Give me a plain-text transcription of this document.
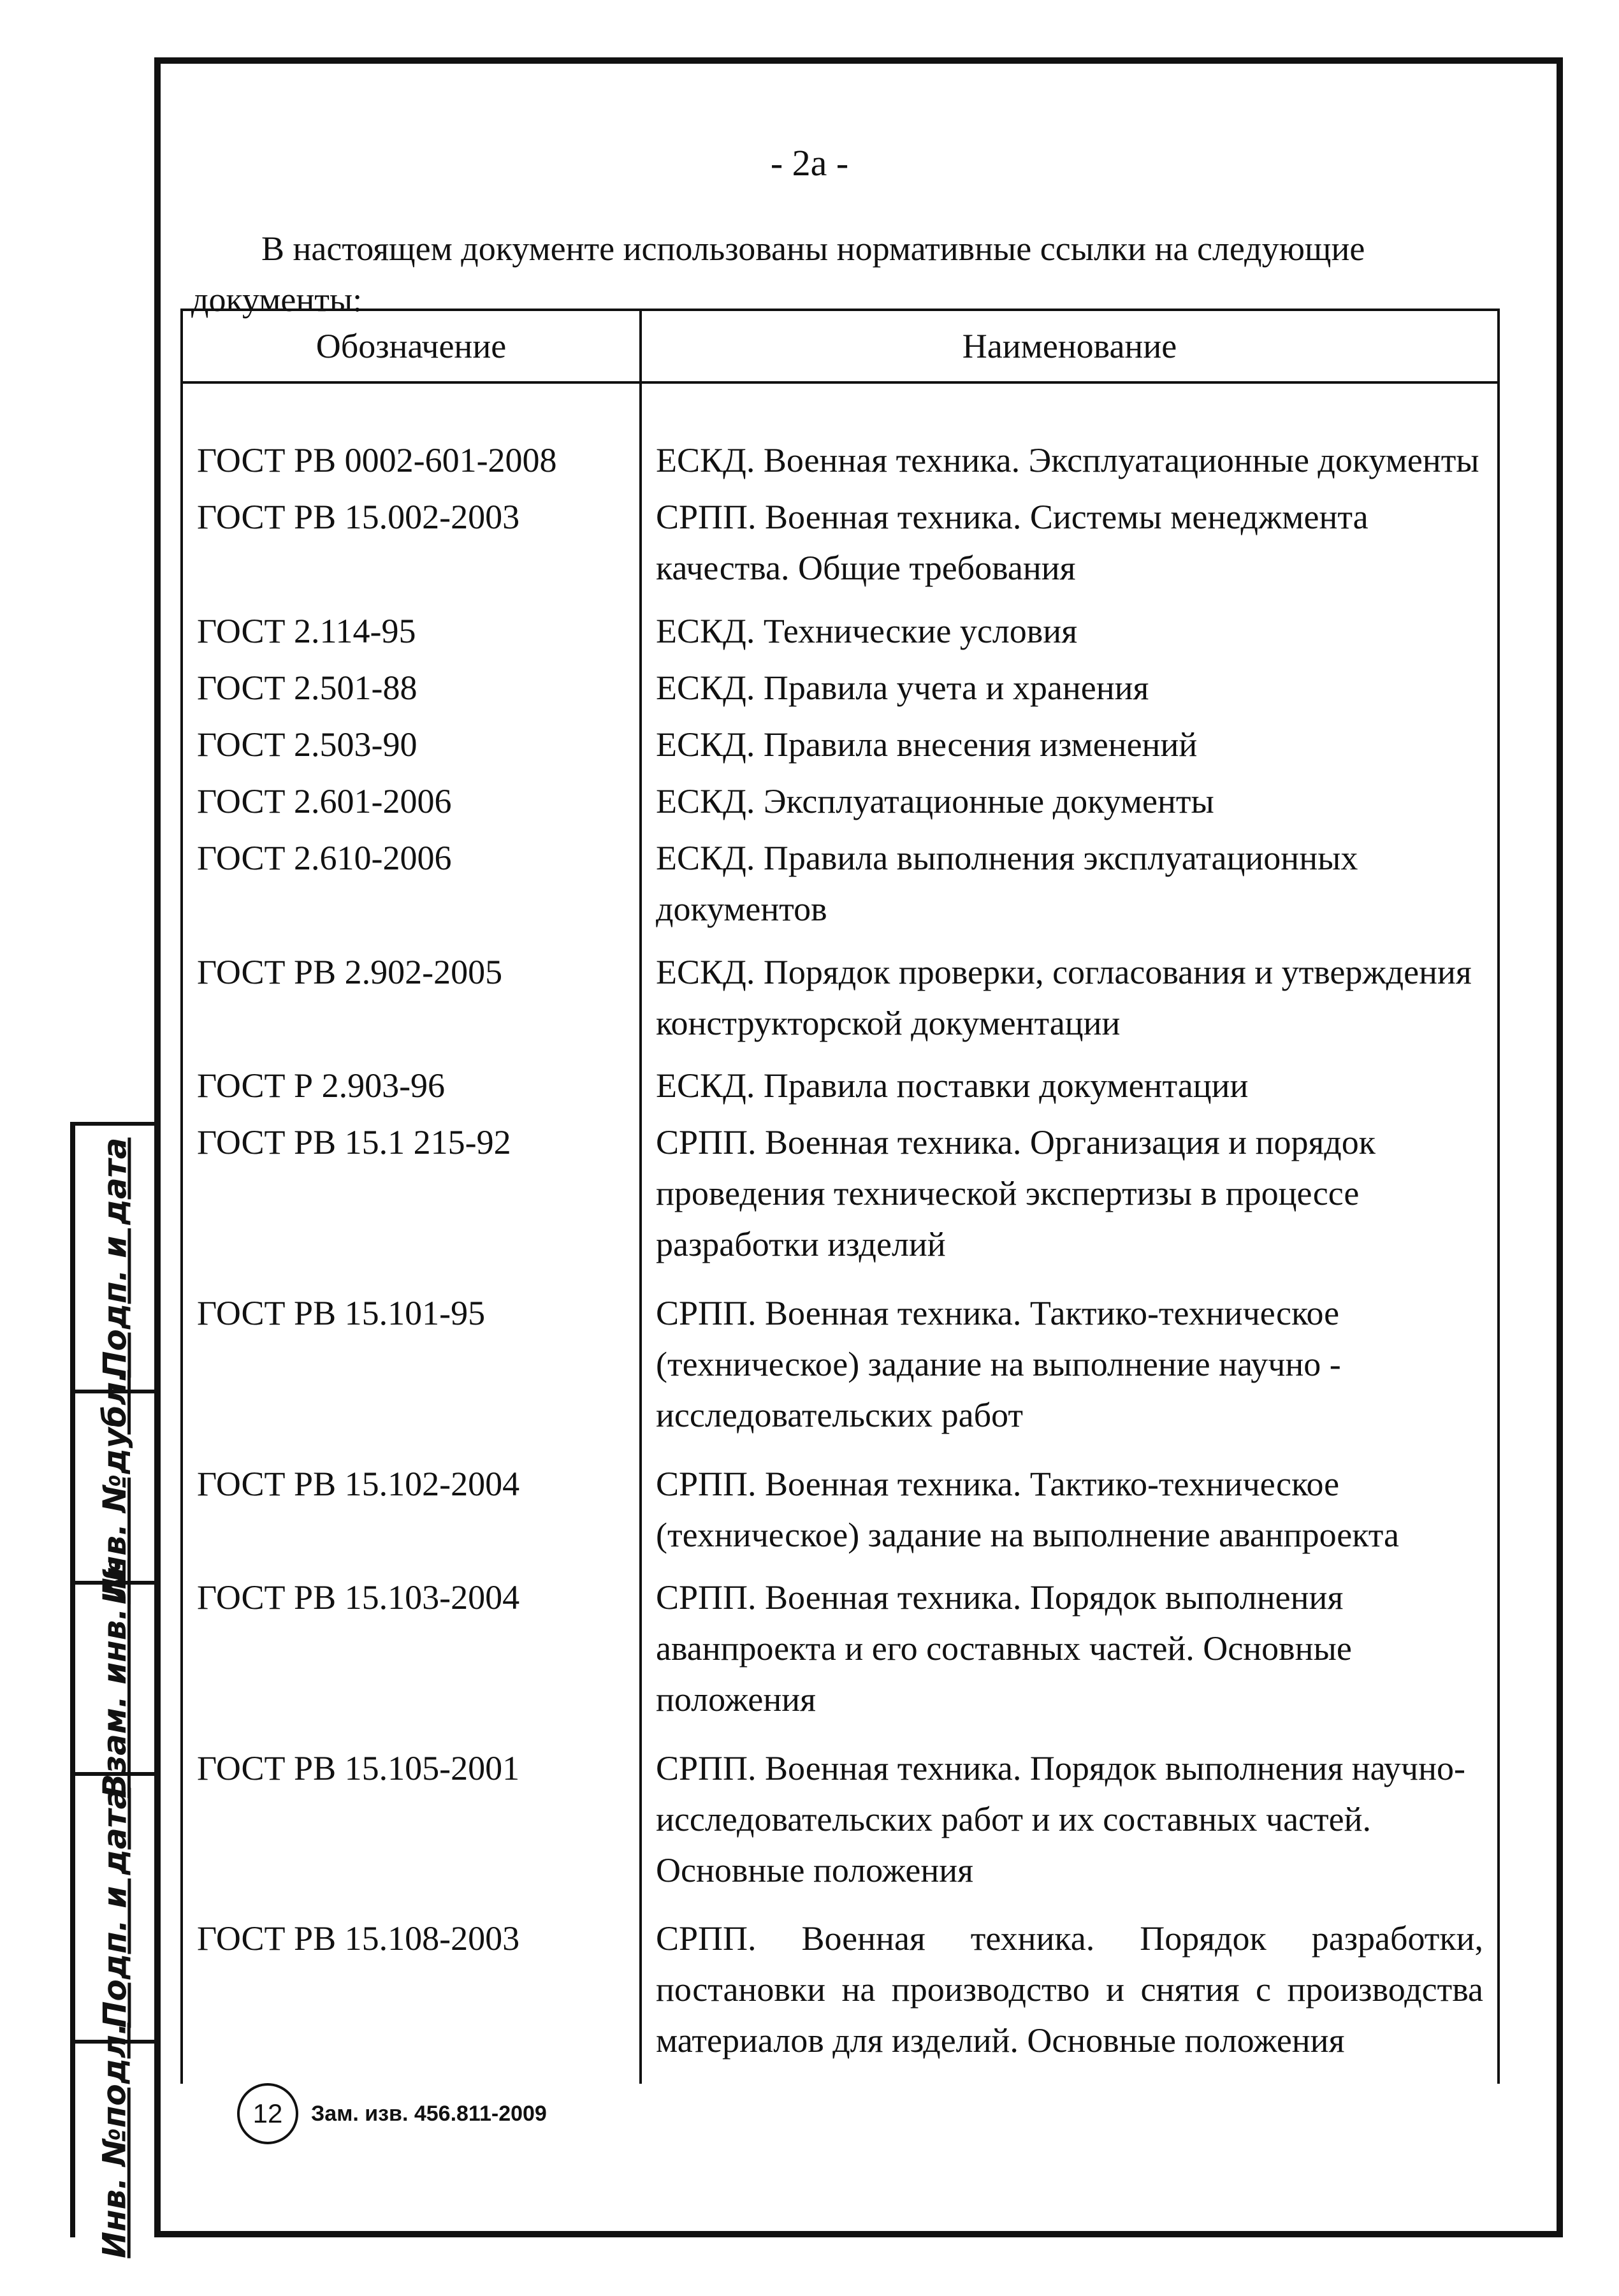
Подп. и дата
Инв. №дубл.
Взам. инв. №
Подп. и дата
Инв. №подл.
- 2а -
В настоящем документе использованы нормативные ссылки на следующие документы:
Обозначение	Наименование

ГОСТ РВ 0002-601-2008	ЕСКД. Военная техника. Эксплуатационные документы
ГОСТ РВ 15.002-2003	СРПП. Военная техника. Системы менеджмента качества. Общие требования
ГОСТ 2.114-95	ЕСКД. Технические условия
ГОСТ 2.501-88	ЕСКД. Правила учета и хранения
ГОСТ 2.503-90	ЕСКД. Правила внесения изменений
ГОСТ 2.601-2006	ЕСКД. Эксплуатационные документы
ГОСТ 2.610-2006	ЕСКД. Правила выполнения эксплуатационных документов
ГОСТ РВ 2.902-2005	ЕСКД. Порядок проверки, согласования и утверждения конструкторской документации
ГОСТ Р 2.903-96	ЕСКД. Правила поставки документации
ГОСТ РВ 15.1 215-92	СРПП. Военная техника. Организация и порядок проведения технической экспертизы в процессе разработки изделий
ГОСТ РВ 15.101-95	СРПП. Военная техника. Тактико-техническое (техническое) задание на выполнение научно - исследовательских работ
ГОСТ РВ 15.102-2004	СРПП. Военная техника. Тактико-техническое (техническое) задание на выполнение аванпроекта
ГОСТ РВ 15.103-2004	СРПП. Военная техника. Порядок выполнения аванпроекта и его составных частей. Основные положения
ГОСТ РВ 15.105-2001	СРПП. Военная техника. Порядок выполнения научно-исследовательских работ и их составных частей. Основные положения
ГОСТ РВ 15.108-2003	СРПП. Военная техника. Порядок разработки, постановки на производство и снятия с производства материалов для изделий. Основные положения

12	Зам. изв. 456.811-2009
